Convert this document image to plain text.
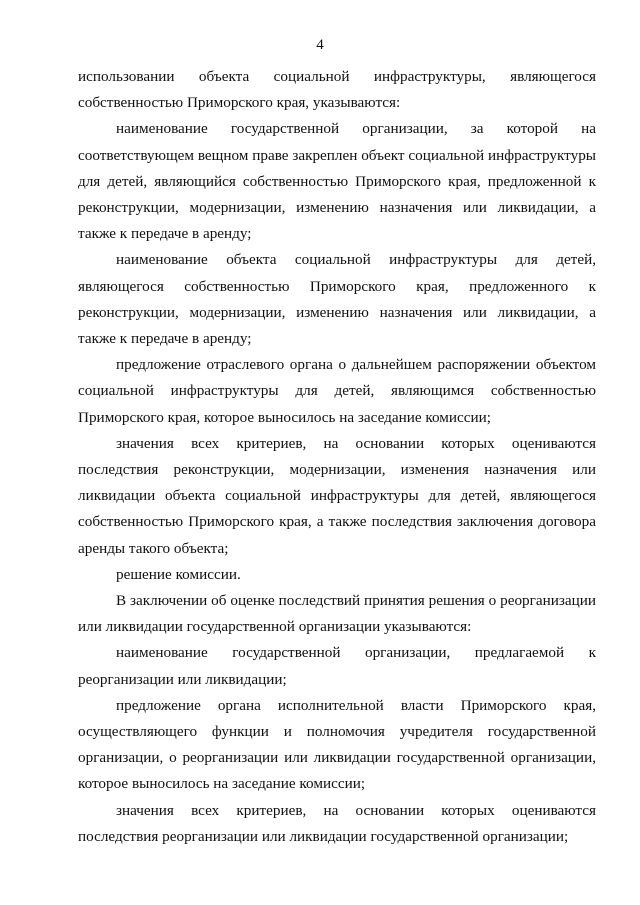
4

использовании объекта социальной инфраструктуры, являющегося собственностью Приморского края, указываются:

наименование государственной организации, за которой на соответствующем вещном праве закреплен объект социальной инфраструктуры для детей, являющийся собственностью Приморского края, предложенной к реконструкции, модернизации, изменению назначения или ликвидации, а также к передаче в аренду;

наименование объекта социальной инфраструктуры для детей, являющегося собственностью Приморского края, предложенного к реконструкции, модернизации, изменению назначения или ликвидации, а также к передаче в аренду;

предложение отраслевого органа о дальнейшем распоряжении объектом социальной инфраструктуры для детей, являющимся собственностью Приморского края, которое выносилось на заседание комиссии;

значения всех критериев, на основании которых оцениваются последствия реконструкции, модернизации, изменения назначения или ликвидации объекта социальной инфраструктуры для детей, являющегося собственностью Приморского края, а также последствия заключения договора аренды такого объекта;

решение комиссии.

В заключении об оценке последствий принятия решения о реорганизации или ликвидации государственной организации указываются:

наименование государственной организации, предлагаемой к реорганизации или ликвидации;

предложение органа исполнительной власти Приморского края, осуществляющего функции и полномочия учредителя государственной организации, о реорганизации или ликвидации государственной организации, которое выносилось на заседание комиссии;

значения всех критериев, на основании которых оцениваются последствия реорганизации или ликвидации государственной организации;
